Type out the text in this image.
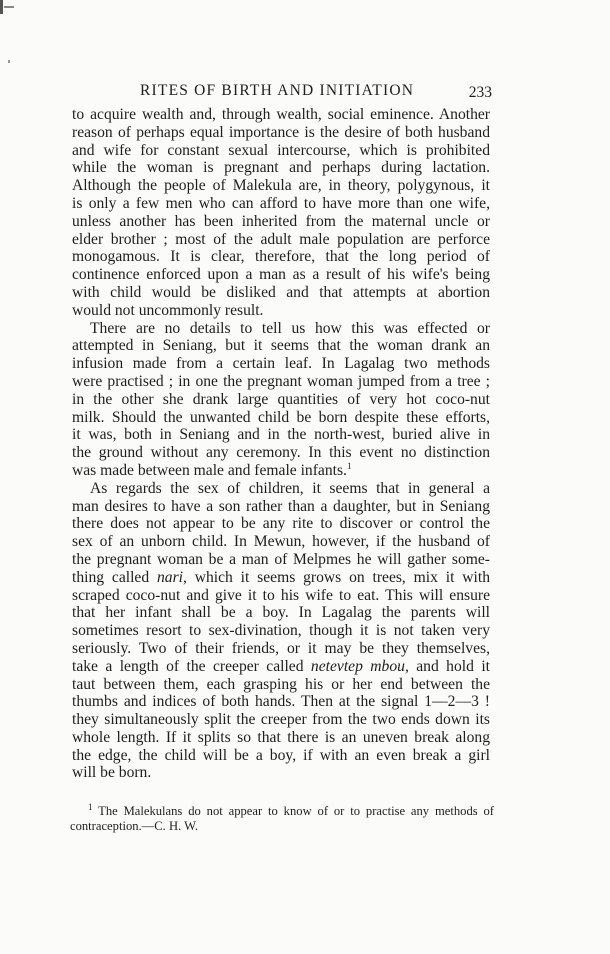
RITES OF BIRTH AND INITIATION	233
to acquire wealth and, through wealth, social eminence. Another
reason of perhaps equal importance is the desire of both husband
and wife for constant sexual intercourse, which is prohibited
while the woman is pregnant and perhaps during lactation.
Although the people of Malekula are, in theory, polygynous, it
is only a few men who can afford to have more than one wife,
unless another has been inherited from the maternal uncle or
elder brother ; most of the adult male population are perforce
monogamous. It is clear, therefore, that the long period of
continence enforced upon a man as a result of his wife's being
with child would be disliked and that attempts at abortion
would not uncommonly result.
There are no details to tell us how this was effected or
attempted in Seniang, but it seems that the woman drank an
infusion made from a certain leaf. In Lagalag two methods
were practised ; in one the pregnant woman jumped from a tree ;
in the other she drank large quantities of very hot coco-nut
milk. Should the unwanted child be born despite these efforts,
it was, both in Seniang and in the north-west, buried alive in
the ground without any ceremony. In this event no distinction
was made between male and female infants.$^1$
As regards the sex of children, it seems that in general a
man desires to have a son rather than a daughter, but in Seniang
there does not appear to be any rite to discover or control the
sex of an unborn child. In Mewun, however, if the husband of
the pregnant woman be a man of Melpmes he will gather some-
thing called nari, which it seems grows on trees, mix it with
scraped coco-nut and give it to his wife to eat. This will ensure
that her infant shall be a boy. In Lagalag the parents will
sometimes resort to sex-divination, though it is not taken very
seriously. Two of their friends, or it may be they themselves,
take a length of the creeper called netevtep mbou, and hold it
taut between them, each grasping his or her end between the
thumbs and indices of both hands. Then at the signal 1—2—3 !
they simultaneously split the creeper from the two ends down its
whole length. If it splits so that there is an uneven break along
the edge, the child will be a boy, if with an even break a girl
will be born.
$^1$ The Malekulans do not appear to know of or to practise any methods of
contraception.—C. H. W.
